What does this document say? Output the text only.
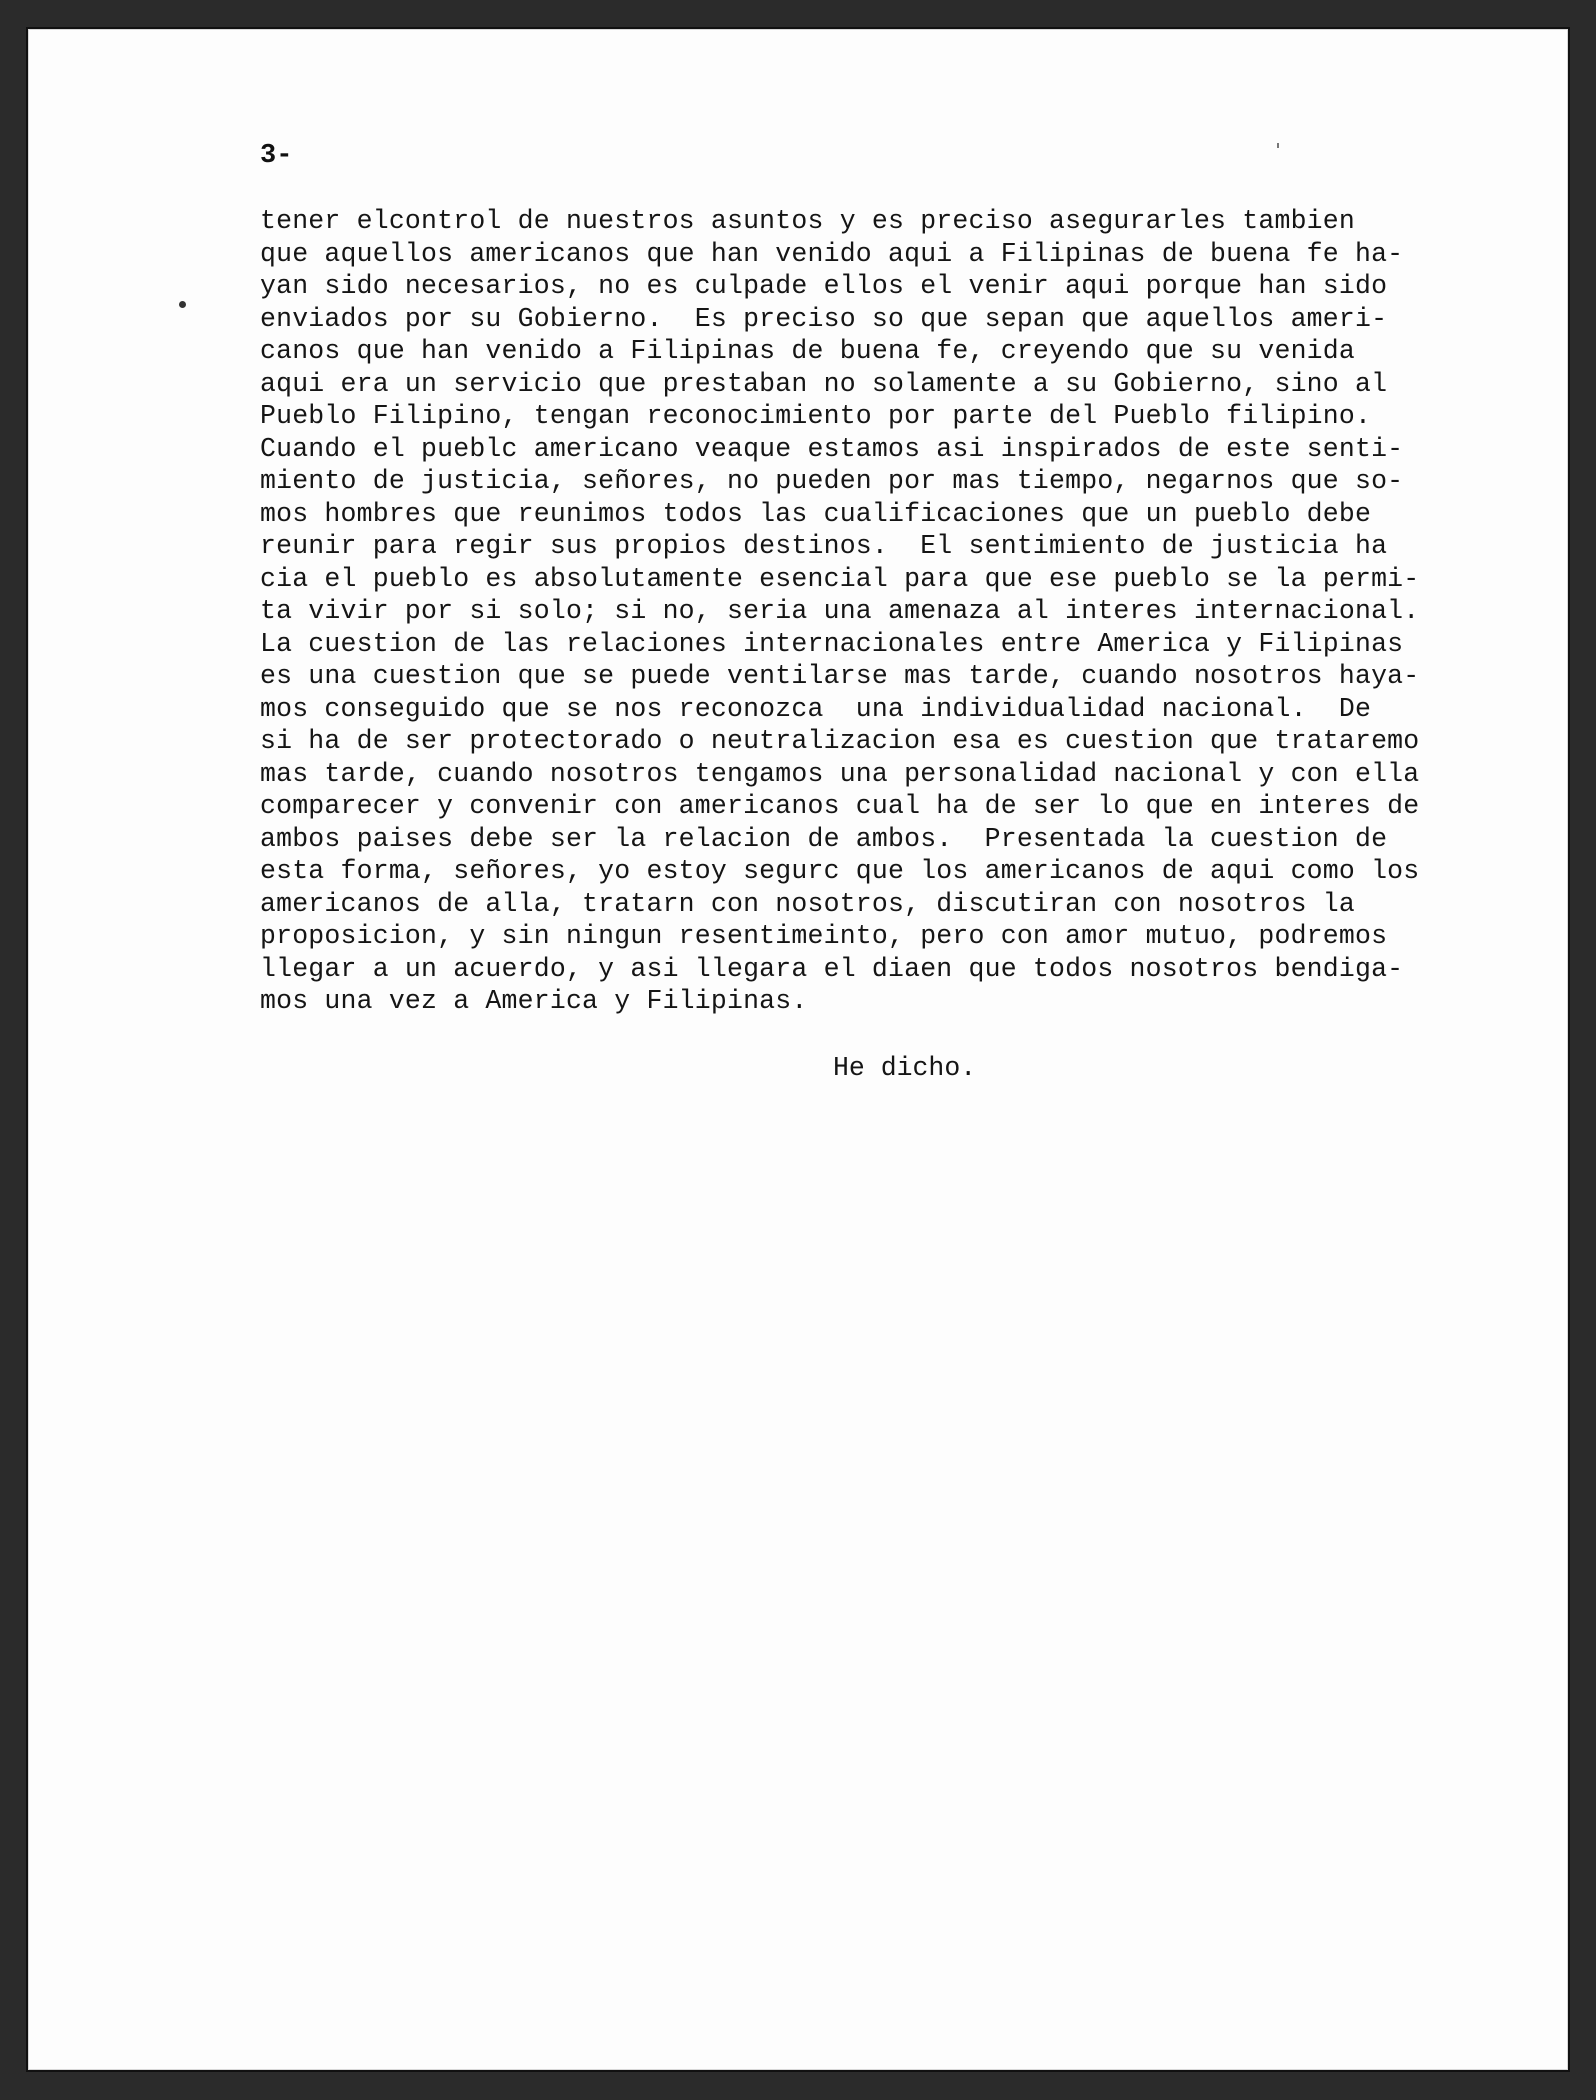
3-

tener elcontrol de nuestros asuntos y es preciso asegurarles tambien
que aquellos americanos que han venido aqui a Filipinas de buena fe ha-
yan sido necesarios, no es culpade ellos el venir aqui porque han sido
enviados por su Gobierno.  Es preciso so que sepan que aquellos ameri-
canos que han venido a Filipinas de buena fe, creyendo que su venida
aqui era un servicio que prestaban no solamente a su Gobierno, sino al
Pueblo Filipino, tengan reconocimiento por parte del Pueblo filipino.
Cuando el pueblc americano veaque estamos asi inspirados de este senti-
miento de justicia, señores, no pueden por mas tiempo, negarnos que so-
mos hombres que reunimos todos las cualificaciones que un pueblo debe
reunir para regir sus propios destinos.  El sentimiento de justicia ha
cia el pueblo es absolutamente esencial para que ese pueblo se la permi-
ta vivir por si solo; si no, seria una amenaza al interes internacional.
La cuestion de las relaciones internacionales entre America y Filipinas
es una cuestion que se puede ventilarse mas tarde, cuando nosotros haya-
mos conseguido que se nos reconozca  una individualidad nacional.  De
si ha de ser protectorado o neutralizacion esa es cuestion que trataremo
mas tarde, cuando nosotros tengamos una personalidad nacional y con ella
comparecer y convenir con americanos cual ha de ser lo que en interes de
ambos paises debe ser la relacion de ambos.  Presentada la cuestion de
esta forma, señores, yo estoy segurc que los americanos de aqui como los
americanos de alla, tratarn con nosotros, discutiran con nosotros la
proposicion, y sin ningun resentimeinto, pero con amor mutuo, podremos
llegar a un acuerdo, y asi llegara el diaen que todos nosotros bendiga-
mos una vez a America y Filipinas.

He dicho.
